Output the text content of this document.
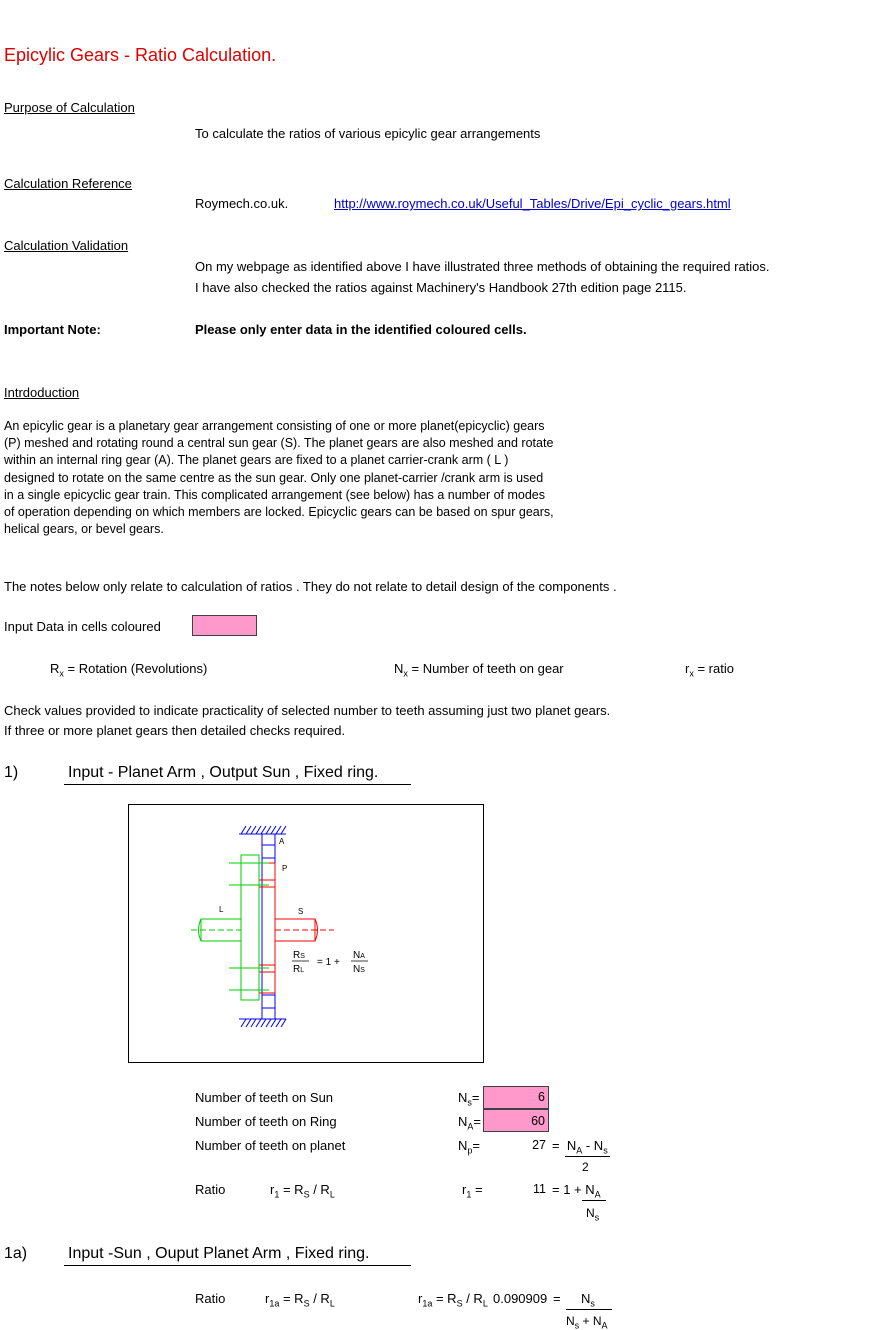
Epicylic Gears - Ratio Calculation.
Purpose of Calculation
To calculate the ratios of various epicylic gear arrangements
Calculation Reference
Roymech.co.uk.	http://www.roymech.co.uk/Useful_Tables/Drive/Epi_cyclic_gears.html
Calculation Validation
On my webpage as identified above I have illustrated three methods of obtaining the required ratios.
I have also checked the ratios against Machinery's Handbook 27th edition page 2115.
Important Note:	Please only enter data in the identified coloured cells.
Intrdoduction
An epicylic gear is a planetary gear arrangement consisting of one or more planet(epicyclic) gears (P) meshed and rotating round a central sun gear (S). The planet gears are also meshed and rotate within an internal ring gear (A). The planet gears are fixed to a planet carrier-crank arm ( L ) designed to rotate on the same centre as the sun gear. Only one planet-carrier /crank arm is used in a single epicyclic gear train. This complicated arrangement (see below) has a number of modes of operation depending on which members are locked. Epicyclic gears can be based on spur gears, helical gears, or bevel gears.
The notes below only relate to calculation of ratios . They do not relate to detail design of the components .
Input Data in cells coloured
$R_x$ = Rotation (Revolutions)	$N_x$ = Number of teeth on gear	$r_x$ = ratio
Check values provided to indicate practicality of selected number to teeth assuming just two planet gears.
If three or more planet gears then detailed checks required.
1)	Input - Planet Arm , Output Sun , Fixed ring.
A
P
L	S
RS
RL
= 1 +
NA
NS
Number of teeth on Sun	$N_s=$	6
Number of teeth on Ring	$N_A=$	60
Number of teeth on planet	$N_p=$	$27 = N_A - N_s$
2
Ratio	$r_1 = R_S / R_L$	$r_1$ =	$11 = 1 + N_A$
$N_s$
1a)	Input -Sun , Ouput Planet Arm , Fixed ring.
Ratio	$r_{1a} = R_S / R_L$	$r_{1a} = R_S / R_L$ $0.090909 = N_s$
$N_s + N_A$
